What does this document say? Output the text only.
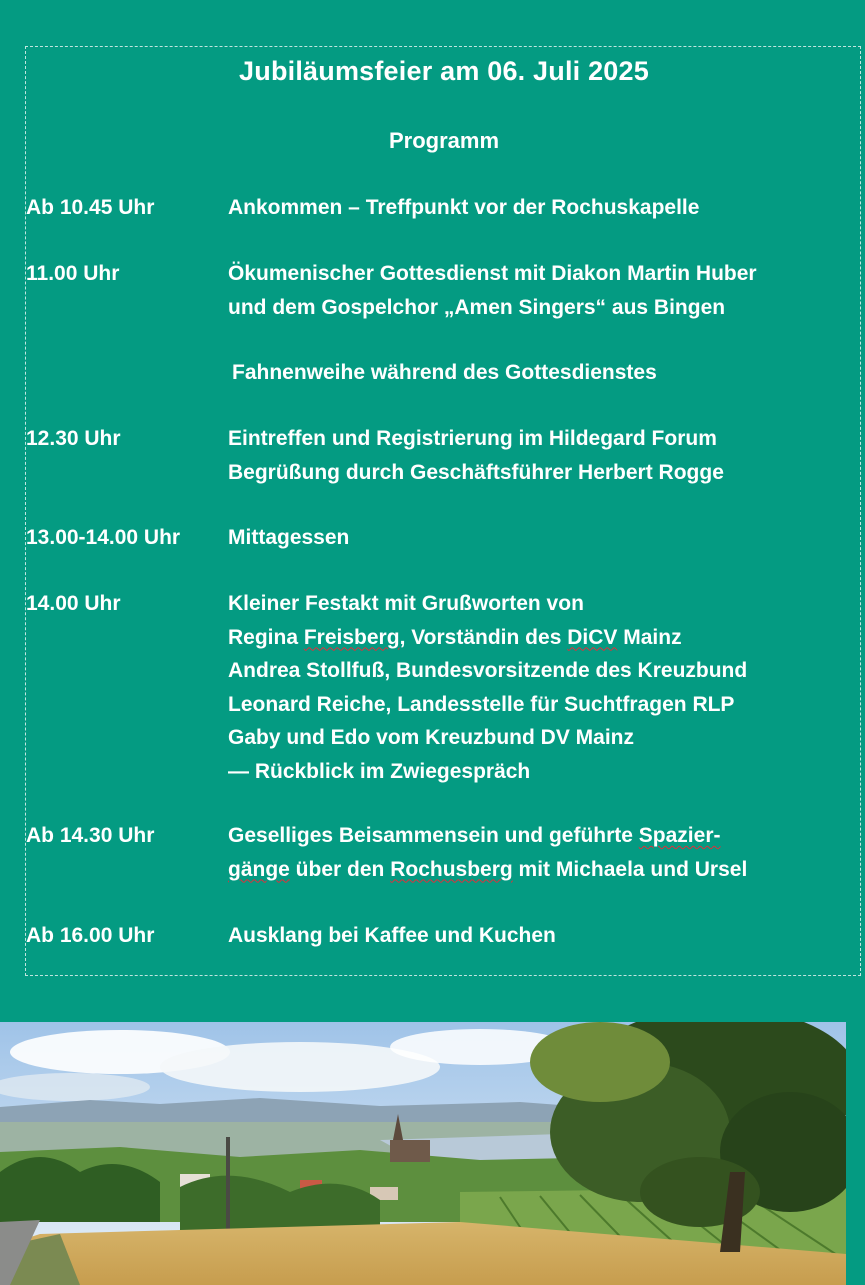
Jubiläumsfeier am 06. Juli 2025
Programm
Ab 10.45 Uhr	Ankommen – Treffpunkt vor der Rochuskapelle
11.00 Uhr	Ökumenischer Gottesdienst mit Diakon Martin Huber
und dem Gospelchor „Amen Singers“ aus Bingen
Fahnenweihe während des Gottesdienstes
12.30 Uhr	Eintreffen und Registrierung im Hildegard Forum
Begrüßung durch Geschäftsführer Herbert Rogge
13.00-14.00 Uhr Mittagessen
14.00 Uhr	Kleiner Festakt mit Grußworten von
Regina Freisberg, Vorständin des DiCV Mainz
Andrea Stollfuß, Bundesvorsitzende des Kreuzbund
Leonard Reiche, Landesstelle für Suchtfragen RLP
Gaby und Edo vom Kreuzbund DV Mainz
— Rückblick im Zwiegespräch
Ab 14.30 Uhr	Geselliges Beisammensein und geführte Spazier-
gänge über den Rochusberg mit Michaela und Ursel
Ab 16.00 Uhr	Ausklang bei Kaffee und Kuchen
